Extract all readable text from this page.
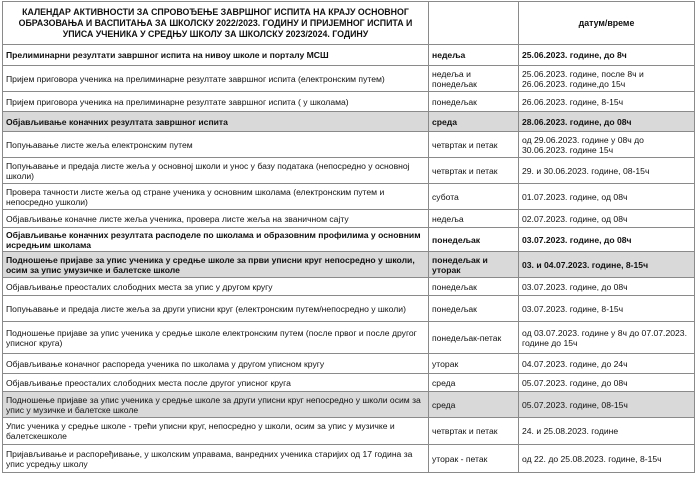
КАЛЕНДАР АКТИВНОСТИ ЗА СПРОВОЂЕЊЕ ЗАВРШНОГ ИСПИТА НА КРАЈУ ОСНОВНОГ ОБРАЗОВАЊА И ВАСПИТАЊА ЗА ШКОЛСКУ 2022/2023. ГОДИНУ И ПРИЈЕМНОГ ИСПИТА И УПИСА УЧЕНИКА У СРЕДЊУ ШКОЛУ ЗА ШКОЛСКУ 2023/2024. ГОДИНУ		датум/време
Прелиминарни резултати завршног испита на нивоу школе и порталу МСШ	недеља	25.06.2023. године, до 8ч
Пријем приговора ученика на прелиминарне резултате завршног испита (електронским путем)	недеља и понедељак	25.06.2023. године, после 8ч и 26.06.2023. године,до 15ч
Пријем приговора ученика на прелиминарне резултате завршног испита ( у школама)	понедељак	26.06.2023. године, 8-15ч
Објављивање коначних резултата завршног испита	среда	28.06.2023. године, до 08ч
Попуњавање листе жеља електронским путем	четвртак и петак	од 29.06.2023. године у 08ч до 30.06.2023. године 15ч
Попуњавање и предаја листе жеља у основној школи и унос у базу података (непосредно у основној школи)	четвртак и петак	29. и 30.06.2023. године, 08-15ч
Провера тачности листе жеља од стране ученика у основним школама (електронским путем и непосредно ушколи)	субота	01.07.2023. године, од 08ч
Објављивање коначне листе жеља ученика, провера листе жеља на званичном сајту	недеља	02.07.2023. године, од 08ч
Објављивање коначних резултата расподеле по школама и образовним профилима у основним исредњим школама	понедељак	03.07.2023. године, до 08ч
Подношење пријаве за упис ученика у средње школе за први уписни круг непосредно у школи, осим за упис умузичке и балетске школе	понедељак и уторак	03. и 04.07.2023. године, 8-15ч
Објављивање преосталих слободних места за упис у другом кругу	понедељак	03.07.2023. године, до 08ч
Попуњавање и предаја листе жеља за други уписни круг (електронским путем/непосредно у школи)	понедељак	03.07.2023. године, 8-15ч
Подношење пријаве за упис ученика у средње школе електронским путем (после првог и после другог уписног круга)	понедељак-петак	од 03.07.2023. године у 8ч до 07.07.2023. године до 15ч
Објављивање коначног распореда ученика по школама у другом уписном кругу	уторак	04.07.2023. године, до 24ч
Објављивање преосталих слободних места после другог уписног круга	среда	05.07.2023. године, до 08ч
Подношење пријаве за упис ученика у средње школе за други уписни круг непосредно у школи осим за упис у музичке и балетске школе	среда	05.07.2023. године, 08-15ч
Упис ученика у средње школе - трећи уписни круг, непосредно у школи, осим за упис у музичке и балетскешколе	четвртак и петак	24. и 25.08.2023. године
Пријављивање и распоређивање, у школским управама, ванредних ученика старијих од 17 година за упис усредњу школу	уторак - петак	од 22. до 25.08.2023. године, 8-15ч
